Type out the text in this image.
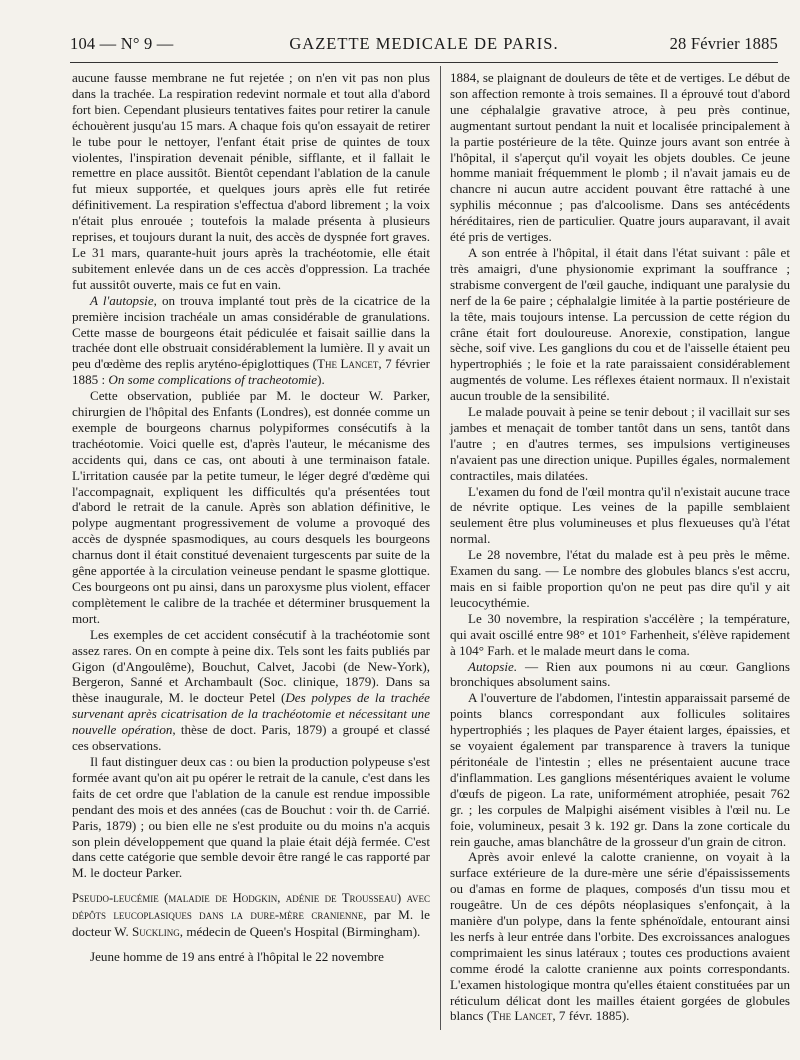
104 — N° 9 —	GAZETTE MEDICALE DE PARIS.	28 Février 1885

aucune fausse membrane ne fut rejetée ; on n'en vit pas non plus dans la trachée. La respiration redevint normale et tout alla d'abord fort bien. Cependant plusieurs tentatives faites pour retirer la canule échouèrent jusqu'au 15 mars. A chaque fois qu'on essayait de retirer le tube pour le nettoyer, l'enfant était prise de quintes de toux violentes, l'inspiration devenait pénible, sifflante, et il fallait le remettre en place aussitôt. Bientôt cependant l'ablation de la canule fut mieux supportée, et quelques jours après elle fut retirée définitivement. La respiration s'effectua d'abord librement ; la voix n'était plus enrouée ; toutefois la malade présenta à plusieurs reprises, et toujours durant la nuit, des accès de dyspnée fort graves. Le 31 mars, quarante-huit jours après la trachéotomie, elle était subitement enlevée dans un de ces accès d'oppression. La trachée fut aussitôt ouverte, mais ce fut en vain.

A l'autopsie, on trouva implanté tout près de la cicatrice de la première incision trachéale un amas considérable de granulations. Cette masse de bourgeons était pédiculée et faisait saillie dans la trachée dont elle obstruait considérablement la lumière. Il y avait un peu d'œdème des replis aryténo-épiglottiques (The Lancet, 7 février 1885 : On some complications of tracheotomie).

Cette observation, publiée par M. le docteur W. Parker, chirurgien de l'hôpital des Enfants (Londres), est donnée comme un exemple de bourgeons charnus polypiformes consécutifs à la trachéotomie. Voici quelle est, d'après l'auteur, le mécanisme des accidents qui, dans ce cas, ont abouti à une terminaison fatale. L'irritation causée par la petite tumeur, le léger degré d'œdème qui l'accompagnait, expliquent les difficultés qu'a présentées tout d'abord le retrait de la canule. Après son ablation définitive, le polype augmentant progressivement de volume a provoqué des accès de dyspnée spasmodiques, au cours desquels les bourgeons charnus dont il était constitué devenaient turgescents par suite de la gêne apportée à la circulation veineuse pendant le spasme glottique. Ces bourgeons ont pu ainsi, dans un paroxysme plus violent, effacer complètement le calibre de la trachée et déterminer brusquement la mort.

Les exemples de cet accident consécutif à la trachéotomie sont assez rares. On en compte à peine dix. Tels sont les faits publiés par Gigon (d'Angoulême), Bouchut, Calvet, Jacobi (de New-York), Bergeron, Sanné et Archambault (Soc. clinique, 1879). Dans sa thèse inaugurale, M. le docteur Petel (Des polypes de la trachée survenant après cicatrisation de la trachéotomie et nécessitant une nouvelle opération, thèse de doct. Paris, 1879) a groupé et classé ces observations.

Il faut distinguer deux cas : ou bien la production polypeuse s'est formée avant qu'on ait pu opérer le retrait de la canule, c'est dans les faits de cet ordre que l'ablation de la canule est rendue impossible pendant des mois et des années (cas de Bouchut : voir th. de Carrié. Paris, 1879) ; ou bien elle ne s'est produite ou du moins n'a acquis son plein développement que quand la plaie était déjà fermée. C'est dans cette catégorie que semble devoir être rangé le cas rapporté par M. le docteur Parker.

Pseudo-leucémie (maladie de Hodgkin, adénie de Trousseau) avec dépôts leucoplasiques dans la dure-mère cranienne, par M. le docteur W. Suckling, médecin de Queen's Hospital (Birmingham).

Jeune homme de 19 ans entré à l'hôpital le 22 novembre

1884, se plaignant de douleurs de tête et de vertiges. Le début de son affection remonte à trois semaines. Il a éprouvé tout d'abord une céphalalgie gravative atroce, à peu près continue, augmentant surtout pendant la nuit et localisée principalement à la partie postérieure de la tête. Quinze jours avant son entrée à l'hôpital, il s'aperçut qu'il voyait les objets doubles. Ce jeune homme maniait fréquemment le plomb ; il n'avait jamais eu de chancre ni aucun autre accident pouvant être rattaché à une syphilis méconnue ; pas d'alcoolisme. Dans ses antécédents héréditaires, rien de particulier. Quatre jours auparavant, il avait été pris de vertiges.

A son entrée à l'hôpital, il était dans l'état suivant : pâle et très amaigri, d'une physionomie exprimant la souffrance ; strabisme convergent de l'œil gauche, indiquant une paralysie du nerf de la 6e paire ; céphalalgie limitée à la partie postérieure de la tête, mais toujours intense. La percussion de cette région du crâne était fort douloureuse. Anorexie, constipation, langue sèche, soif vive. Les ganglions du cou et de l'aisselle étaient peu hypertrophiés ; le foie et la rate paraissaient considérablement augmentés de volume. Les réflexes étaient normaux. Il n'existait aucun trouble de la sensibilité.

Le malade pouvait à peine se tenir debout ; il vacillait sur ses jambes et menaçait de tomber tantôt dans un sens, tantôt dans l'autre ; en d'autres termes, ses impulsions vertigineuses n'avaient pas une direction unique. Pupilles égales, normalement contractiles, mais dilatées.

L'examen du fond de l'œil montra qu'il n'existait aucune trace de névrite optique. Les veines de la papille semblaient seulement être plus volumineuses et plus flexueuses qu'à l'état normal.

Le 28 novembre, l'état du malade est à peu près le même. Examen du sang. — Le nombre des globules blancs s'est accru, mais en si faible proportion qu'on ne peut pas dire qu'il y ait leucocythémie.

Le 30 novembre, la respiration s'accélère ; la température, qui avait oscillé entre 98° et 101° Farhenheit, s'élève rapidement à 104° Farh. et le malade meurt dans le coma.

Autopsie. — Rien aux poumons ni au cœur. Ganglions bronchiques absolument sains.

A l'ouverture de l'abdomen, l'intestin apparaissait parsemé de points blancs correspondant aux follicules solitaires hypertrophiés ; les plaques de Payer étaient larges, épaissies, et se voyaient également par transparence à travers la tunique péritonéale de l'intestin ; elles ne présentaient aucune trace d'inflammation. Les ganglions mésentériques avaient le volume d'œufs de pigeon. La rate, uniformément atrophiée, pesait 762 gr. ; les corpules de Malpighi aisément visibles à l'œil nu. Le foie, volumineux, pesait 3 k. 192 gr. Dans la zone corticale du rein gauche, amas blanchâtre de la grosseur d'un grain de citron.

Après avoir enlevé la calotte cranienne, on voyait à la surface extérieure de la dure-mère une série d'épaississements ou d'amas en forme de plaques, composés d'un tissu mou et rougeâtre. Un de ces dépôts néoplasiques s'enfonçait, à la manière d'un polype, dans la fente sphénoïdale, entourant ainsi les nerfs à leur entrée dans l'orbite. Des excroissances analogues comprimaient les sinus latéraux ; toutes ces productions avaient comme érodé la calotte cranienne aux points correspondants. L'examen histologique montra qu'elles étaient constituées par un réticulum délicat dont les mailles étaient gorgées de globules blancs (The Lancet, 7 févr. 1885).
